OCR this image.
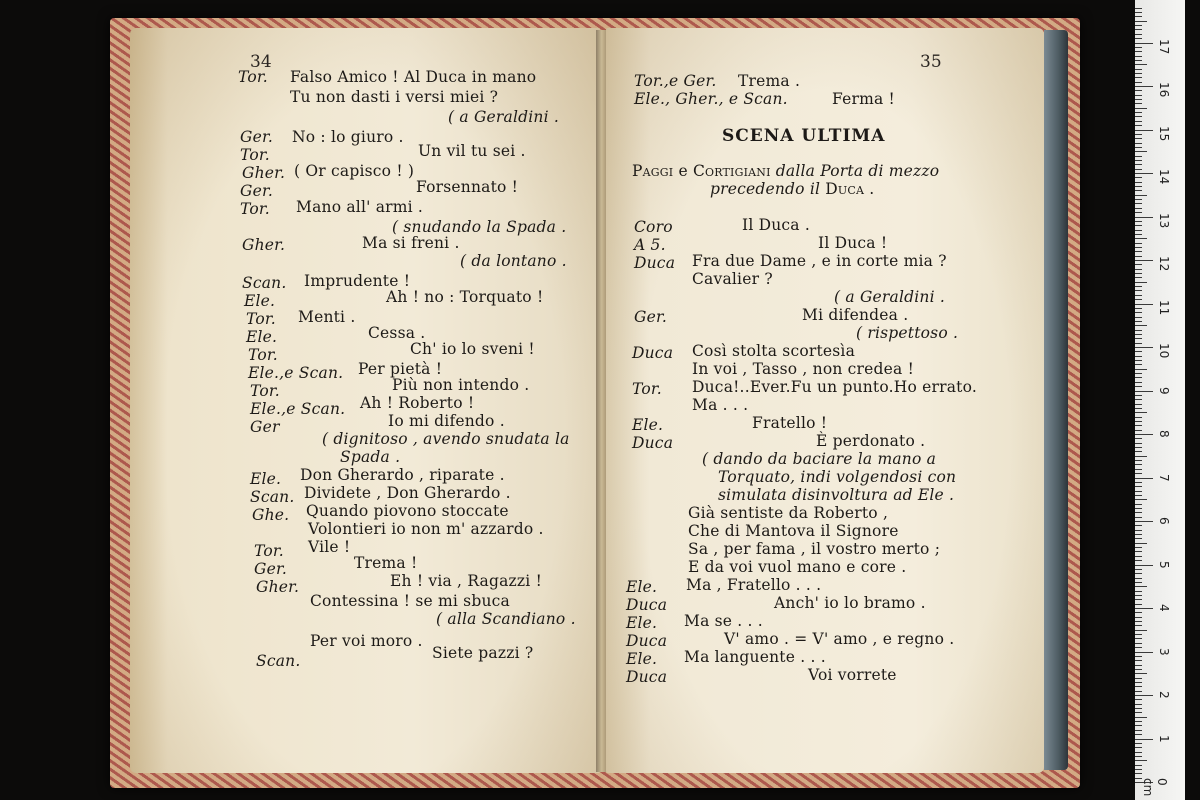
34
Tor. Falso Amico ! Al Duca in mano
Tu non dasti i versi miei ?
( a Geraldini .
Ger. No : lo giuro .
Tor.	Un vil tu sei .
Gher. ( Or capisco ! )
Ger.	Forsennato !
Tor. Mano all' armi .
( snudando la Spada .
Gher.	Ma si freni .
( da lontano .
Scan. Imprudente !
Ele.	Ah ! no : Torquato !
Tor. Menti .
Ele.	Cessa .
Tor.	Ch' io lo sveni !
Ele.,e Scan. Per pietà !
Tor.	Più non intendo .
Ele.,e Scan. Ah ! Roberto !
Ger	Io mi difendo .
( dignitoso , avendo snudata la
Spada .
Ele. Don Gherardo , riparate .
Scan. Dividete , Don Gherardo .
Ghe. Quando piovono stoccate
Volontieri io non m' azzardo .
Tor. Vile !
Ger.	Trema !
Gher.	Eh ! via , Ragazzi !
Contessina ! se mi sbuca
( alla Scandiano .
Per voi moro .
Scan.	Siete pazzi ?
35
Tor.,e Ger. Trema .
Ele., Gher., e Scan.	Ferma !
SCENA ULTIMA
Paggi e Cortigiani dalla Porta di mezzo
precedendo il Duca .
Coro	Il Duca .
A 5.	Il Duca !
Duca Fra due Dame , e in corte mia ?
Cavalier ?
( a Geraldini .
Ger.	Mi difendea .
( rispettoso .
Duca Così stolta scortesìa
In voi , Tasso , non credea !
Tor. Duca!..Ever.Fu un punto.Ho errato.
Ma . . .
Ele.	Fratello !
Duca	È perdonato .
( dando da baciare la mano a
Torquato, indi volgendosi con
simulata disinvoltura ad Ele .
Già sentiste da Roberto ,
Che di Mantova il Signore
Sa , per fama , il vostro merto ;
E da voi vuol mano e core .
Ele. Ma , Fratello . . .
Duca	Anch' io lo bramo .
Ele. Ma se . . .
Duca	V' amo . = V' amo , e regno .
Ele. Ma languente . . .
Duca	Voi vorrete
0 cm
1
2
3
4
5
6
7
8
9
10
11
12
13
14
15
16
17
